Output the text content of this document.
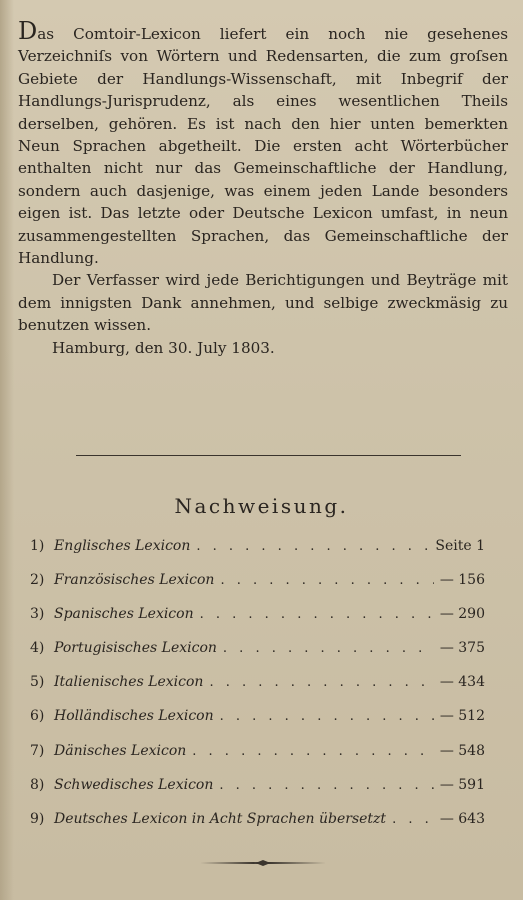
Das Comtoir-Lexicon liefert ein noch nie gesehenes Verzeichniſs von Wörtern und Redensarten, die zum groſsen Gebiete der Handlungs-Wissenschaft, mit Inbegrif der Handlungs-Jurisprudenz, als eines wesentlichen Theils derselben, gehören. Es ist nach den hier unten bemerkten Neun Sprachen abgetheilt. Die ersten acht Wörterbücher enthalten nicht nur das Gemeinschaftliche der Handlung, sondern auch dasjenige, was einem jeden Lande besonders eigen ist. Das letzte oder Deutsche Lexicon umfast, in neun zusammengestellten Sprachen, das Gemeinschaftliche der Handlung.

Der Verfasser wird jede Berichtigungen und Beyträge mit dem innigsten Dank annehmen, und selbige zweckmäsig zu benutzen wissen.

Hamburg, den 30. July 1803.

Nachweisung.
1) Englisches Lexicon . . .	Seite 1
2) Französisches Lexicon . . .	— 156
3) Spanisches Lexicon . . .	— 290
4) Portugisisches Lexicon . . .	— 375
5) Italienisches Lexicon . . .	— 434
6) Holländisches Lexicon . . .	— 512
7) Dänisches Lexicon . . .	— 548
8) Schwedisches Lexicon . . .	— 591
9) Deutsches Lexicon in Acht Sprachen übersetzt . . .	— 643
